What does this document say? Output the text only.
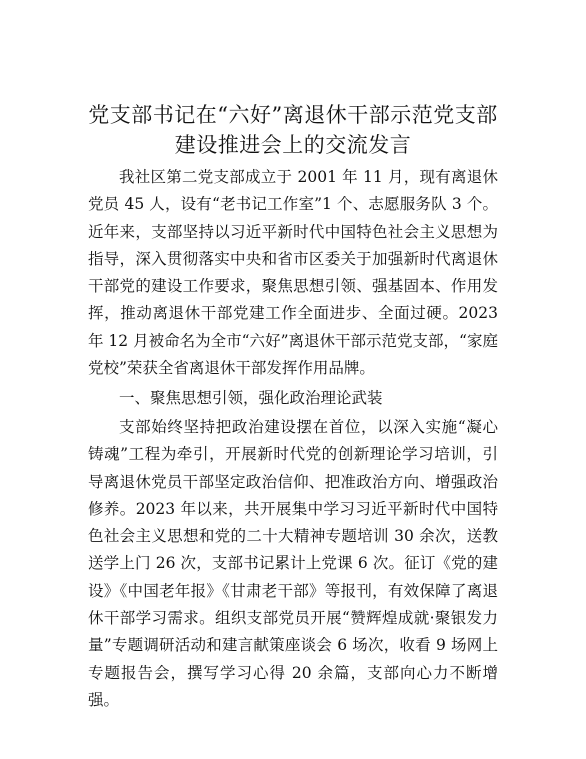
党支部书记在“六好”离退休干部示范党支部
建设推进会上的交流发言

我社区第二党支部成立于 2001 年 11 月，现有离退休党员 45 人，设有“老书记工作室”1 个、志愿服务队 3 个。近年来，支部坚持以习近平新时代中国特色社会主义思想为指导，深入贯彻落实中央和省市区委关于加强新时代离退休干部党的建设工作要求，聚焦思想引领、强基固本、作用发挥，推动离退休干部党建工作全面进步、全面过硬。2023 年 12 月被命名为全市“六好”离退休干部示范党支部，“家庭党校”荣获全省离退休干部发挥作用品牌。

一、聚焦思想引领，强化政治理论武装

支部始终坚持把政治建设摆在首位，以深入实施“凝心铸魂”工程为牵引，开展新时代党的创新理论学习培训，引导离退休党员干部坚定政治信仰、把准政治方向、增强政治修养。2023 年以来，共开展集中学习习近平新时代中国特色社会主义思想和党的二十大精神专题培训 30 余次，送教送学上门 26 次，支部书记累计上党课 6 次。征订《党的建设》《中国老年报》《甘肃老干部》等报刊，有效保障了离退休干部学习需求。组织支部党员开展“赞辉煌成就·聚银发力量”专题调研活动和建言献策座谈会 6 场次，收看 9 场网上专题报告会，撰写学习心得 20 余篇，支部向心力不断增强。
